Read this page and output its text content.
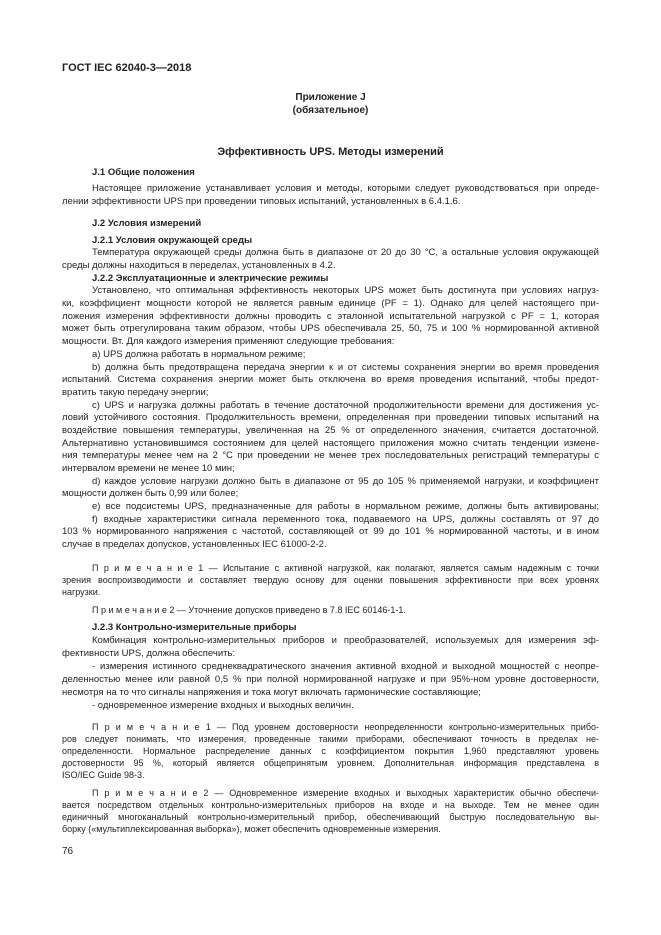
ГОСТ IEC 62040-3—2018
Приложение J
(обязательное)
Эффективность UPS. Методы измерений
J.1 Общие положения
Настоящее приложение устанавливает условия и методы, которыми следует руководствоваться при опреде-
лении эффективности UPS при проведении типовых испытаний, установленных в 6.4.1.6.
J.2 Условия измерений
J.2.1 Условия окружающей среды
Температура окружающей среды должна быть в диапазоне от 20 до 30 °С, а остальные условия окружающей
среды должны находиться в переделах, установленных в 4.2.
J.2.2 Эксплуатационные и электрические режимы
Установлено, что оптимальная эффективность некоторых UPS может быть достигнута при условиях нагруз-
ки, коэффициент мощности которой не является равным единице (PF = 1). Однако для целей настоящего при-
ложения измерения эффективности должны проводить с эталонной испытательной нагрузкой с PF = 1, которая
может быть отрегулирована таким образом, чтобы UPS обеспечивала 25, 50, 75 и 100 % нормированной активной
мощности. Вт. Для каждого измерения применяют следующие требования:
a) UPS должна работать в нормальном режиме;
b) должна быть предотвращена передача энергии к и от системы сохранения энергии во время проведения
испытаний. Система сохранения энергии может быть отключена во время проведения испытаний, чтобы предот-
вратить такую передачу энергии;
c) UPS и нагрузка должны работать в течение достаточной продолжительности времени для достижения ус-
ловий устойчивого состояния. Продолжительность времени, определенная при проведении типовых испытаний на
воздействие повышения температуры, увеличенная на 25 % от определенного значения, считается достаточной.
Альтернативно установившимся состоянием для целей настоящего приложения можно считать тенденции измене-
ния температуры менее чем на 2 °С при проведении не менее трех последовательных регистраций температуры с
интервалом времени не менее 10 мин;
d) каждое условие нагрузки должно быть в диапазоне от 95 до 105 % применяемой нагрузки, и коэффициент
мощности должен быть 0,99 или более;
e) все подсистемы UPS, предназначенные для работы в нормальном режиме, должны быть активированы;
f) входные характеристики сигнала переменного тока, подаваемого на UPS, должны составлять от 97 до
103 % нормированного напряжения с частотой, составляющей от 99 до 101 % нормированной частоты, и в ином
случае в пределах допусков, установленных IEC 61000-2-2.
П р и м е ч а н и е 1 — Испытание с активной нагрузкой, как полагают, является самым надежным с точки
зрения воспроизводимости и составляет твердую основу для оценки повышения эффективности при всех уровнях
нагрузки.
П р и м е ч а н и е 2 — Уточнение допусков приведено в 7.8 IEC 60146-1-1.
J.2.3 Контрольно-измерительные приборы
Комбинация контрольно-измерительных приборов и преобразователей, используемых для измерения эф-
фективности UPS, должна обеспечить:
- измерения истинного среднеквадратического значения активной входной и выходной мощностей с неопре-
деленностью менее или равной 0,5 % при полной нормированной нагрузке и при 95%-ном уровне достоверности,
несмотря на то что сигналы напряжения и тока могут включать гармонические составляющие;
- одновременное измерение входных и выходных величин.
П р и м е ч а н и е 1 — Под уровнем достоверности неопределенности контрольно-измерительных прибо-
ров следует понимать, что измерения, проведенные такими приборами, обеспечивают точность в пределах не-
определенности. Нормальное распределение данных с коэффициентом покрытия 1,960 представляют уровень
достоверности 95 %, который является общепринятым уровнем. Дополнительная информация представлена в
ISO/IEC Guide 98-3.
П р и м е ч а н и е 2 — Одновременное измерение входных и выходных характеристик обычно обеспечи-
вается посредством отдельных контрольно-измерительных приборов на входе и на выходе. Тем не менее один
единичный многоканальный контрольно-измерительный прибор, обеспечивающий быструю последовательную вы-
борку («мультиплексированная выборка»), может обеспечить одновременные измерения.
76
